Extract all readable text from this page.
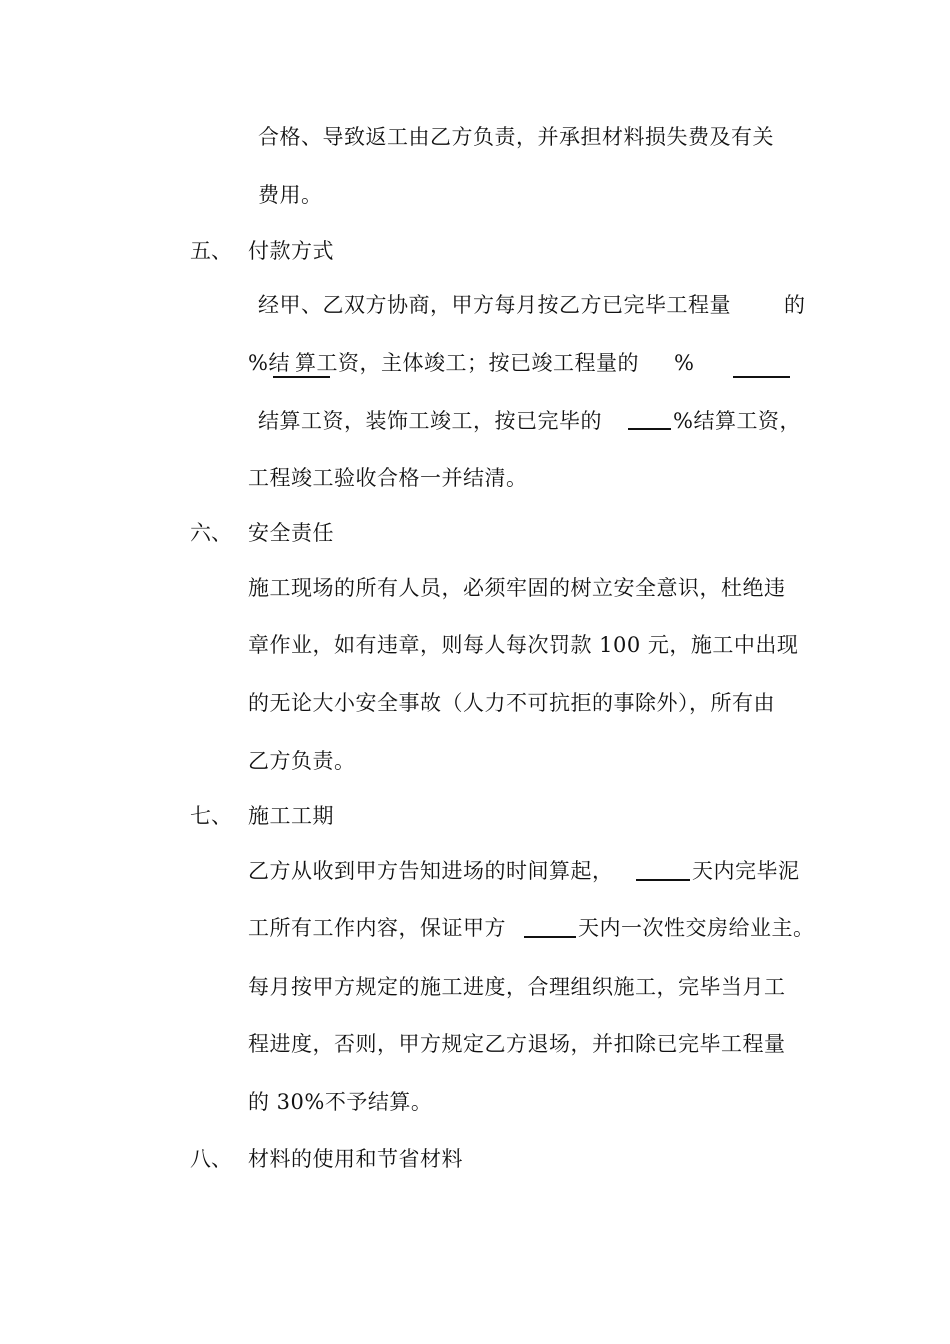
合格、导致返工由乙方负责，并承担材料损失费及有关
费用。
五、 付款方式
经甲、乙双方协商，甲方每月按乙方已完毕工程量	的
%结 算工资，主体竣工；按已竣工程量的 %
结算工资，装饰工竣工，按已完毕的	%结算工资，
工程竣工验收合格一并结清。
六、 安全责任
施工现场的所有人员，必须牢固的树立安全意识，杜绝违
章作业，如有违章，则每人每次罚款 100 元，施工中出现
的无论大小安全事故（人力不可抗拒的事除外），所有由
乙方负责。
七、 施工工期
乙方从收到甲方告知进场的时间算起，	天内完毕泥
工所有工作内容，保证甲方	天内一次性交房给业主。
每月按甲方规定的施工进度，合理组织施工，完毕当月工
程进度，否则，甲方规定乙方退场，并扣除已完毕工程量
的 30%不予结算。
八、 材料的使用和节省材料
